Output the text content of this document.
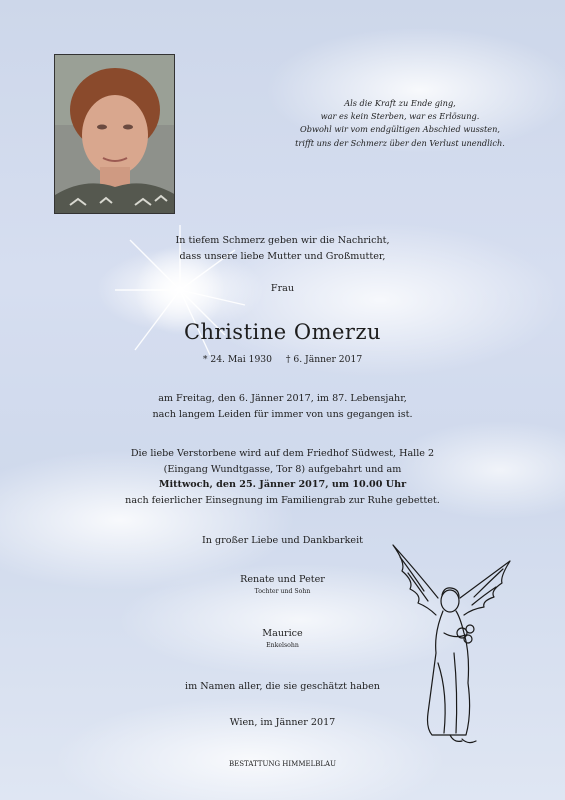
Als die Kraft zu Ende ging,
war es kein Sterben, war es Erlösung.
Obwohl wir vom endgültigen Abschied wussten,
trifft uns der Schmerz über den Verlust unendlich.
In tiefem Schmerz geben wir die Nachricht,
dass unsere liebe Mutter und Großmutter,
Frau
Christine Omerzu
* 24. Mai 1930 † 6. Jänner 2017
am Freitag, den 6. Jänner 2017, im 87. Lebensjahr,
nach langem Leiden für immer von uns gegangen ist.
Die liebe Verstorbene wird auf dem Friedhof Südwest, Halle 2
(Eingang Wundtgasse, Tor 8) aufgebahrt und am
Mittwoch, den 25. Jänner 2017, um 10.00 Uhr
nach feierlicher Einsegnung im Familiengrab zur Ruhe gebettet.
In großer Liebe und Dankbarkeit
Renate und Peter
Tochter und Sohn
Maurice
Enkelsohn
im Namen aller, die sie geschätzt haben
Wien, im Jänner 2017
BESTATTUNG HIMMELBLAU
